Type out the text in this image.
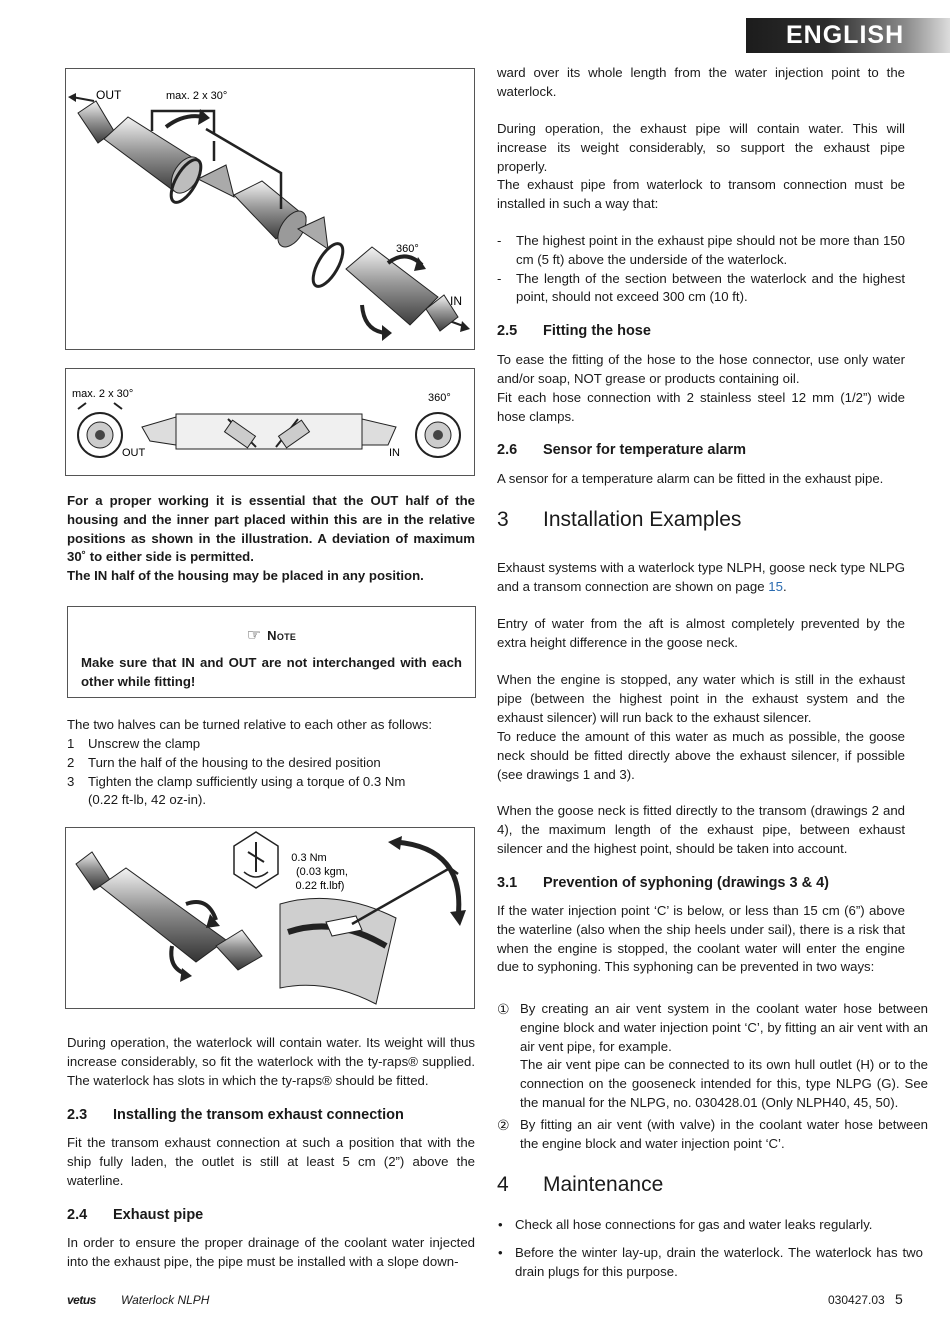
ENGLISH
OUT	max. 2 x 30°
360°
IN
max. 2 x 30°
OUT
360°
IN

For a proper working it is essential that the OUT half of the housing and the inner part placed within this are in the relative positions as shown in the illustration. A deviation of maximum 30˚ to either side is permitted.

The IN half of the housing may be placed in any position.

The two halves can be turned relative to each other as follows:

1 Unscrew the clamp
2 Turn the half of the housing to the desired position
3 Tighten the clamp sufficiently using a torque of 0.3 Nm (0.22 ft-lb, 42 oz-in).

During operation, the waterlock will contain water. Its weight will thus increase considerably, so fit the waterlock with the ty-raps® supplied. The waterlock has slots in which the ty-raps® should be fitted.

2.3 Installing the transom exhaust connection

Fit the transom exhaust connection at such a position that with the ship fully laden, the outlet is still at least 5 cm (2”) above the waterline.

2.4 Exhaust pipe

In order to ensure the proper drainage of the coolant water injected into the exhaust pipe, the pipe must be installed with a slope down-

☞ Note
Make sure that IN and OUT are not interchanged with each other while fitting!
0.3 Nm
(0.03 kgm,
0.22 ft.lbf)

ward over its whole length from the water injection point to the waterlock.

During operation, the exhaust pipe will contain water. This will increase its weight considerably, so support the exhaust pipe properly.

The exhaust pipe from waterlock to transom connection must be installed in such a way that:

- The highest point in the exhaust pipe should not be more than 150 cm (5 ft) above the underside of the waterlock.
- The length of the section between the waterlock and the highest point, should not exceed 300 cm (10 ft).
2.5 Fitting the hose

To ease the fitting of the hose to the hose connector, use only water and/or soap, NOT grease or products containing oil.

Fit each hose connection with 2 stainless steel 12 mm (1/2”) wide hose clamps.

2.6 Sensor for temperature alarm

A sensor for a temperature alarm can be fitted in the exhaust pipe.

3 Installation Examples

Exhaust systems with a waterlock type NLPH, goose neck type NLPG and a transom connection are shown on page 15.

Entry of water from the aft is almost completely prevented by the extra height difference in the goose neck.

When the engine is stopped, any water which is still in the exhaust pipe (between the highest point in the exhaust system and the exhaust silencer) will run back to the exhaust silencer.

To reduce the amount of this water as much as possible, the goose neck should be fitted directly above the exhaust silencer, if possible (see drawings 1 and 3).

When the goose neck is fitted directly to the transom (drawings 2 and 4), the maximum length of the exhaust pipe, between exhaust silencer and the highest point, should be taken into account.

3.1 Prevention of syphoning (drawings 3 & 4)

If the water injection point ‘C’ is below, or less than 15 cm (6”) above the waterline (also when the ship heels under sail), there is a risk that when the engine is stopped, the coolant water will enter the engine due to syphoning. This syphoning can be prevented in two ways:

① By creating an air vent system in the coolant water hose between engine block and water injection point ‘C’, by fitting an air vent with an air vent pipe, for example.
The air vent pipe can be connected to its own hull outlet (H) or to the connection on the gooseneck intended for this, type NLPG (G). See the manual for the NLPG, no. 030428.01 (Only NLPH40, 45, 50).
② By fitting an air vent (with valve) in the coolant water hose between the engine block and water injection point ‘C’.
4 Maintenance
• Check all hose connections for gas and water leaks regularly.
• Before the winter lay-up, drain the waterlock. The waterlock has two drain plugs for this purpose.
vetus Waterlock NLPH	030427.03 5
